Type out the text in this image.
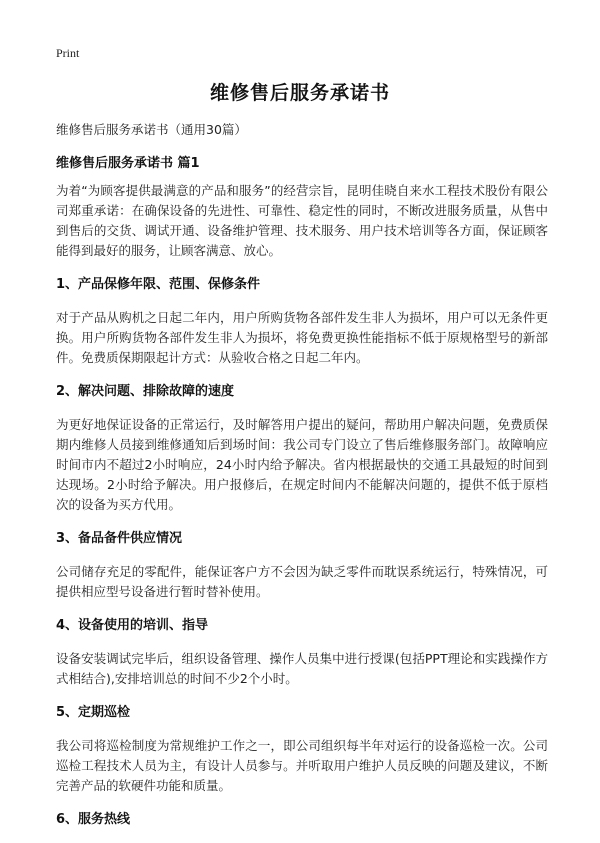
Print
维修售后服务承诺书
维修售后服务承诺书（通用30篇）
维修售后服务承诺书 篇1

为着“为顾客提供最满意的产品和服务”的经营宗旨，昆明佳晓自来水工程技术股份有限公司郑重承诺：在确保设备的先进性、可靠性、稳定性的同时，不断改进服务质量，从售中到售后的交货、调试开通、设备维护管理、技术服务、用户技术培训等各方面，保证顾客能得到最好的服务，让顾客满意、放心。

1、产品保修年限、范围、保修条件

对于产品从购机之日起二年内，用户所购货物各部件发生非人为损坏，用户可以无条件更换。用户所购货物各部件发生非人为损坏，将免费更换性能指标不低于原规格型号的新部件。免费质保期限起计方式：从验收合格之日起二年内。

2、解决问题、排除故障的速度

为更好地保证设备的正常运行，及时解答用户提出的疑问，帮助用户解决问题，免费质保期内维修人员接到维修通知后到场时间：我公司专门设立了售后维修服务部门。故障响应时间市内不超过2小时响应，24小时内给予解决。省内根据最快的交通工具最短的时间到达现场。2小时给予解决。用户报修后，在规定时间内不能解决问题的，提供不低于原档次的设备为买方代用。

3、备品备件供应情况

公司储存充足的零配件，能保证客户方不会因为缺乏零件而耽误系统运行，特殊情况，可提供相应型号设备进行暂时替补使用。

4、设备使用的培训、指导

设备安装调试完毕后，组织设备管理、操作人员集中进行授课(包括PPT理论和实践操作方式相结合),安排培训总的时间不少2个小时。

5、定期巡检

我公司将巡检制度为常规维护工作之一，即公司组织每半年对运行的设备巡检一次。公司巡检工程技术人员为主，有设计人员参与。并听取用户维护人员反映的问题及建议，不断完善产品的软硬件功能和质量。

6、服务热线
